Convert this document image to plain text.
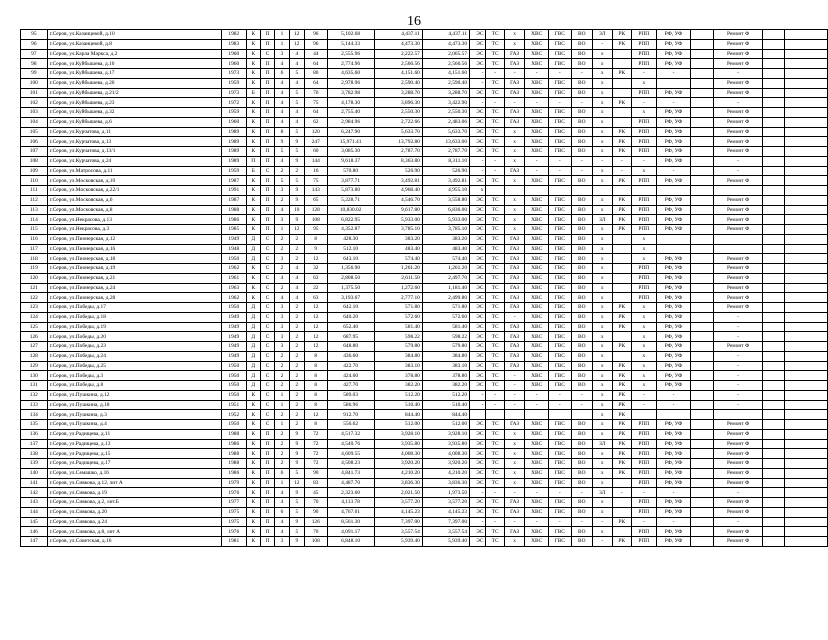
16
95	г.Серов, ул.Казанцевой, д.10	1982	К	П	1	12	96	5,102.68	4,437.11	4,437.11	ЭС	ТС	х	ХВС	ГВС	ВО	3Л	РК	РПП	РФ, УФ		Ремонт Ф		
96	г.Серов, ул.Казанцевой, д.8	1983	К	П	1	12	96	5,144.33	4,473.30	4,473.30	ЭС	ТС	х	ХВС	ГВС	ВО	-	РК	РПП	РФ, УФ		Ремонт Ф		
97	г.Серов, ул.Карла Маркса, д.2	1960	К	С	3	4	44	2,555.96	2,222.57	2,065.57	ЭС	ТС	ГАЗ	ХВС	ГВС	ВО	х		РПП	РФ, УФ		Ремонт Ф		
98	г.Серов, ул.Куйбышева, д.10	1960	К	П	4	4	64	2,774.96	2,566.56	2,566.56	ЭС	ТС	ГАЗ	ХВС	ГВС	ВО	х		РПП	РФ, УФ		Ремонт Ф		
99	г.Серов, ул.Куйбышева, д.17	1973	К	П	6	5	80	4,635.60	4,151.60	4,151.60	-	-	-	-	-	-	х	РК	-	-		-		
100	г.Серов, ул.Куйбышева, д.20	1959	К	П	4	4	64	2,978.96	2,590.40	2,590.40	-	ТС	ГАЗ	ХВС	ГВС	ВО	х		х			Ремонт Ф		
101	г.Серов, ул.Куйбышева, д.21/2	1973	Б	П	4	5	70	3,782.98	3,288.70	3,288.70	ЭС	ТС	ГАЗ	ХВС	ГВС	ВО	х		РПП	РФ, УФ		Ремонт Ф		
102	г.Серов, ул.Куйбышева, д.23	1972	К	П	4	5	75	4,178.30	3,896.30	3,422.90	-	-	-	-	-	-	х	РК	-	-		-		
103	г.Серов, ул.Куйбышева, д.32	1959	К	П	4	4	64	2,755.40	2,550.30	2,550.30	ЭС	ТС	ГАЗ	ХВС	ГВС	ВО	х		х	РФ, УФ		Ремонт Ф		
104	г.Серов, ул.Куйбышева, д.6	1960	К	П	4	4	62	2,984.96	2,722.66	2,483.06	ЭС	ТС	ГАЗ	ХВС	ГВС	ВО	х		РПП	РФ, УФ		Ремонт Ф		
105	г.Серов, ул.Курчатова, д.11	1989	К	П	8	5	120	6,247.90	5,633.70	5,633.70	ЭС	ТС	х	ХВС	ГВС	ВО	х	РК	РПП	РФ, УФ		Ремонт Ф		
106	г.Серов, ул.Курчатова, д.13	1989	К	П	9	9	247	15,971.41	13,792.80	13,633.00	ЭС	ТС	х	ХВС	ГВС	ВО	х	РК	РПП	РФ, УФ		Ремонт Ф		
107	г.Серов, ул.Курчатова, д.13/1	1989	К	П	5	5	60	3,085.30	2,787.70	2,787.70	ЭС	ТС	х	ХВС	ГВС	ВО	х	РК	РПП	РФ, УФ		Ремонт Ф		
108	г.Серов, ул.Курчатова, д.24	1989	П	П	4	9	144	9,618.37	8,363.80	8,311.10	-	-	х	-	-	-	-	-	-	РФ, УФ		-		
109	г.Серов, ул.Матросова, д.11	1959	Б	С	2	2	16	570.80	526.90	526.90	-	-	ГАЗ	-	-	-	х	-	х	-		-		
110	г.Серов, ул.Московская, д.10	1987	К	П	5	5	75	3,877.71	3,492.81	3,492.81	ЭС	ТС	х	ХВС	ГВС	ВО	х	РК	РПП	РФ, УФ		Ремонт Ф		
111	г.Серов, ул.Московская, д.22/1	1991	К	П	3	9	143	5,873.80	4,968.40	4,955.10	х													
112	г.Серов, ул.Московская, д.6	1987	К	П	2	9	65	5,228.71	4,546.70	3,558.80	ЭС	ТС	х	ХВС	ГВС	ВО	х	РК	РПП	РФ, УФ		Ремонт Ф		
113	г.Серов, ул.Московская, д.8	1988	К	П	4	10	128	10,830.02	9,617.80	6,836.00	ЭС	ТС	х	ХВС	ГВС	ВО	х	РК	РПП	РФ, УФ		Ремонт Ф		
114	г.Серов, ул.Некрасова, д.13	1986	К	П	3	9	108	6,822.95	5,933.00	5,933.00	ЭС	ТС	х	ХВС	ГВС	ВО	3Л	РК	РПП	РФ, УФ		Ремонт Ф		
115	г.Серов, ул.Некрасова, д.3	1985	К	П	1	12	95	4,352.87	3,785.10	3,785.10	ЭС	ТС	х	ХВС	ГВС	ВО	х	РК	РПП	РФ, УФ		Ремонт Ф		
116	г.Серов, ул.Пионерская, д.12	1949	Д	С	2	2	8	428.30	383.20	383.20	ЭС	ТС	ГАЗ	ХВС	ГВС	ВО	х		х					
117	г.Серов, ул.Пионерская, д.16	1948	Д	С	2	2	9	512.10	483.40	483.40	ЭС	ТС	ГАЗ	ХВС	ГВС	ВО	х		х					
118	г.Серов, ул.Пионерская, д.18	1950	Д	С	3	2	12	643.10	574.40	574.40	ЭС	ТС	ГАЗ	ХВС	ГВС	ВО	х		х	РФ, УФ		Ремонт Ф		
119	г.Серов, ул.Пионерская, д.19	1962	К	С	2	4	32	1,356.90	1,261.20	1,261.20	ЭС	ТС	ГАЗ	ХВС	ГВС	ВО	х		РПП	РФ, УФ		Ремонт Ф		
120	г.Серов, ул.Пионерская, д.21	1961	К	С	4	4	63	2,808.50	2,611.50	2,497.70	ЭС	ТС	ГАЗ	ХВС	ГВС	ВО	х		РПП	РФ, УФ		Ремонт Ф		
121	г.Серов, ул.Пионерская, д.24	1963	К	С	2	4	22	1,375.50	1,272.60	1,181.40	ЭС	ТС	ГАЗ	ХВС	ГВС	ВО	х		РПП	РФ, УФ		Ремонт Ф		
122	г.Серов, ул.Пионерская, д.28	1962	К	С	4	4	63	3,193.67	2,777.10	2,499.80	ЭС	ТС	ГАЗ	ХВС	ГВС	ВО	х		РПП	РФ, УФ		Ремонт Ф		
123	г.Серов, ул.Победы, д.17	1950	Д	С	3	2	12	642.10	571.80	571.80	ЭС	ТС	ГАЗ	ХВС	ГВС	ВО	х	РК	х	РФ, УФ		Ремонт Ф		
124	г.Серов, ул.Победы, д.18	1949	Д	С	3	2	12	640.20	572.60	572.60	ЭС	ТС	-	ХВС	ГВС	ВО	х	РК	х	РФ, УФ		-		
125	г.Серов, ул.Победы, д.19	1949	Д	С	3	2	12	652.40	581.40	581.40	ЭС	ТС	ГАЗ	ХВС	ГВС	ВО	х	РК	х	РФ, УФ		-		
126	г.Серов, ул.Победы, д.20	1949	Д	С	3	2	12	687.95	598.22	598.22	ЭС	ТС	ГАЗ	ХВС	ГВС	ВО	х		х	РФ, УФ		-		
127	г.Серов, ул.Победы, д.23	1949	Д	С	3	2	12	648.80	579.80	579.80	ЭС	ТС	ГАЗ	ХВС	ГВС	ВО	х	РК	х	РФ, УФ		Ремонт Ф		
128	г.Серов, ул.Победы, д.24	1949	Д	С	2	2	8	436.60	384.80	384.80	ЭС	ТС	ГАЗ	ХВС	ГВС	ВО	х		х	РФ, УФ		-		
129	г.Серов, ул.Победы, д.25	1950	Д	С	2	2	8	422.70	383.10	383.10	ЭС	ТС	ГАЗ	ХВС	ГВС	ВО	х	РК	х	РФ, УФ		-		
130	г.Серов, ул.Победы, д.3	1950	Д	С	2	2	8	424.60	378.80	378.80	ЭС	ТС	-	ХВС	ГВС	ВО	х	РК	х	РФ, УФ		-		
131	г.Серов, ул.Победы, д.8	1950	Д	С	2	2	8	427.70	382.20	382.20	ЭС	ТС	-	ХВС	ГВС	ВО	х	РК	х	РФ, УФ		-		
132	г.Серов, ул.Пушкина, д.12	1950	К	С	1	2	8	589.03	512.20	512.20	-	-	-	-	-	-	х	РК	-	-		-		
133	г.Серов, ул.Пушкина, д.18	1951	К	С	1	2	8	586.96	510.40	510.40	-	-	-	-	-	-	х	РК	-	-		-		
134	г.Серов, ул.Пушкина, д.3	1952	К	С	2	2	12	912.70	844.40	844.40							х	РК						
135	г.Серов, ул.Пушкина, д.4	1950	К	С	1	2	8	556.62	512.00	512.00	ЭС	ТС	ГАЗ	ХВС	ГВС	ВО	х	РК	РПП	РФ, УФ		Ремонт Ф		
136	г.Серов, ул.Радищева, д.11	1988	К	П	2	9	72	4,517.32	3,928.10	3,928.10	ЭС	ТС	х	ХВС	ГВС	ВО	х	РК	РПП	РФ, УФ		Ремонт Ф		
137	г.Серов, ул.Радищева, д.13	1986	К	П	2	9	72	4,540.76	3,935.80	3,935.80	ЭС	ТС	х	ХВС	ГВС	ВО	3Л	РК	РПП	РФ, УФ		Ремонт Ф		
138	г.Серов, ул.Радищева, д.15	1988	К	П	2	9	72	4,609.55	4,008.30	4,008.30	ЭС	ТС	х	ХВС	ГВС	ВО	х	РК	РПП	РФ, УФ		Ремонт Ф		
139	г.Серов, ул.Радищева, д.17	1988	К	П	2	9	72	4,508.23	3,920.20	3,920.20	ЭС	ТС	х	ХВС	ГВС	ВО	х	РК	РПП	РФ, УФ		Ремонт Ф		
140	г.Серов, ул.Семашко, д.16	1986	К	П	6	5	90	4,841.73	4,210.20	4,210.20	ЭС	ТС	х	ХВС	ГВС	ВО	х	РК	РПП	РФ, УФ		Ремонт Ф		
141	г.Серов, ул.Сивкова, д.12, лит А	1979	К	П	1	12	83	4,487.70	3,836.30	3,836.30	ЭС	ТС	х	ХВС	ГВС	ВО	х		РПП	РФ, УФ		Ремонт Ф		
142	г.Серов, ул.Сивкова, д.19	1976	К	П	4	9	45	2,323.60	2,021.50	1,973.50	-	-	-	-	-	-	3Л	-	-	-		-		
143	г.Серов, ул.Сивкова, д.2, лит.Б	1977	К	П	4	5	70	4,113.78	3,577.20	3,577.20	ЭС	ТС	ГАЗ	ХВС	ГВС	ВО	х		РПП	РФ, УФ		Ремонт Ф		
144	г.Серов, ул.Сивкова, д.20	1975	К	П	6	5	90	4,767.01	4,145.23	4,145.23	ЭС	ТС	ГАЗ	ХВС	ГВС	ВО	х		РПП	РФ, УФ		Ремонт Ф		
145	г.Серов, ул.Сивкова, д.24	1975	К	П	4	9	126	8,561.30	7,397.00	7,397.00	-	-	-	-	-	-	-	РК	-	-		-		
146	г.Серов, ул.Сивкова, д.8, лит А	1976	К	П	4	5	70	4,091.17	3,557.54	3,557.54	ЭС	ТС	ГАЗ	ХВС	ГВС	ВО	х		РПП	РФ, УФ		Ремонт Ф		
147	г.Серов, ул.Советская, д.16	1981	К	П	3	9	108	6,848.10	5,939.40	5,939.40	ЭС	ТС	х	ХВС	ГВС	ВО	-	РК	РПП	РФ, УФ		Ремонт Ф		
